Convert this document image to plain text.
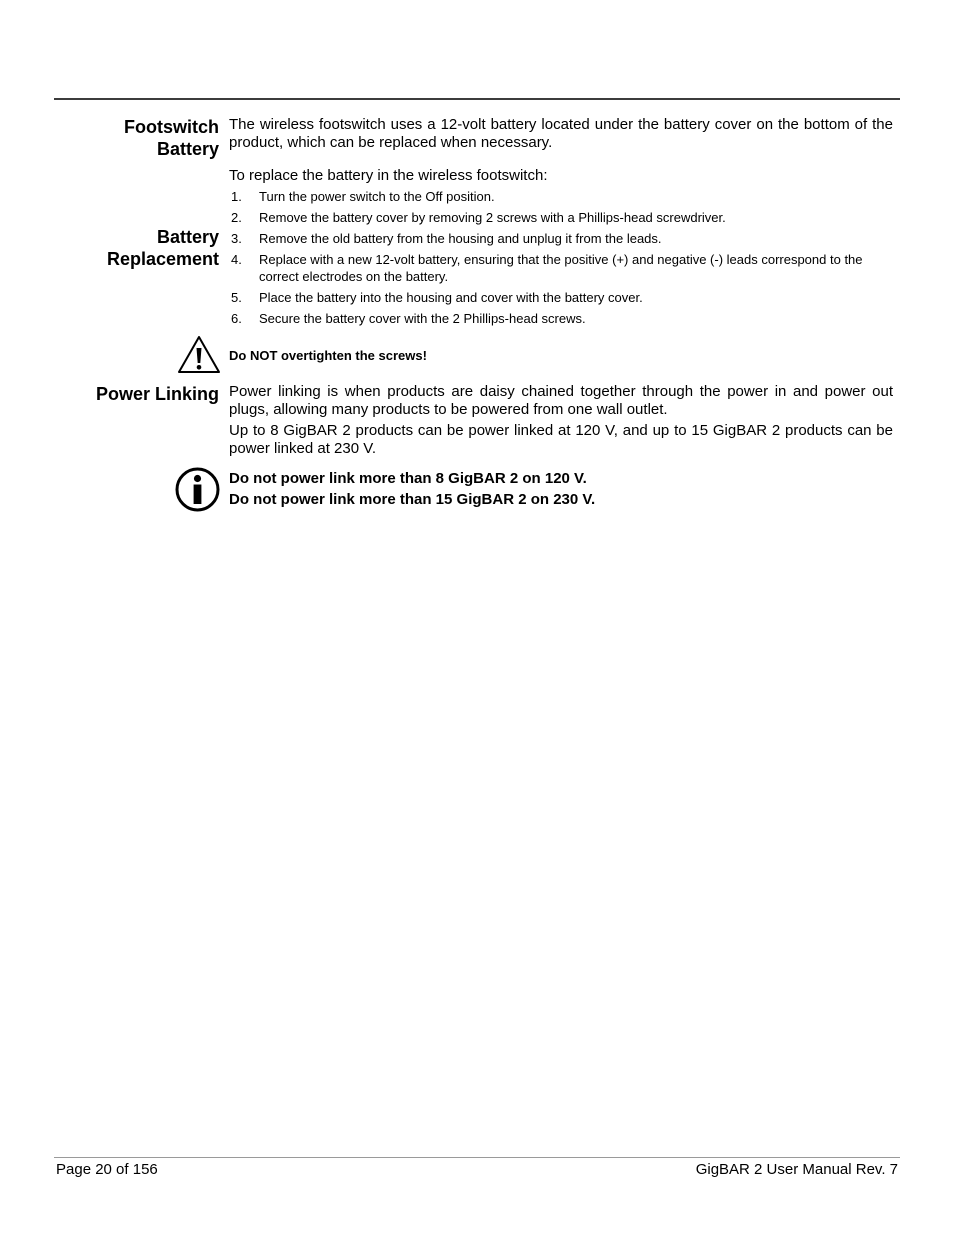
Footswitch
Battery
The wireless footswitch uses a 12-volt battery located under the battery cover on the bottom of the product, which can be replaced when necessary.
To replace the battery in the wireless footswitch:
Battery
Replacement
1. Turn the power switch to the Off position.
2. Remove the battery cover by removing 2 screws with a Phillips-head screwdriver.
3. Remove the old battery from the housing and unplug it from the leads.
4. Replace with a new 12-volt battery, ensuring that the positive (+) and negative (-) leads correspond to the correct electrodes on the battery.
5. Place the battery into the housing and cover with the battery cover.
6. Secure the battery cover with the 2 Phillips-head screws.
Do NOT overtighten the screws!
Power Linking Power linking is when products are daisy chained together through the power in and power out plugs, allowing many products to be powered from one wall outlet.
Up to 8 GigBAR 2 products can be power linked at 120 V, and up to 15 GigBAR 2 products can be power linked at 230 V.
Do not power link more than 8 GigBAR 2 on 120 V.
Do not power link more than 15 GigBAR 2 on 230 V.
Page 20 of 156	GigBAR 2 User Manual Rev. 7
